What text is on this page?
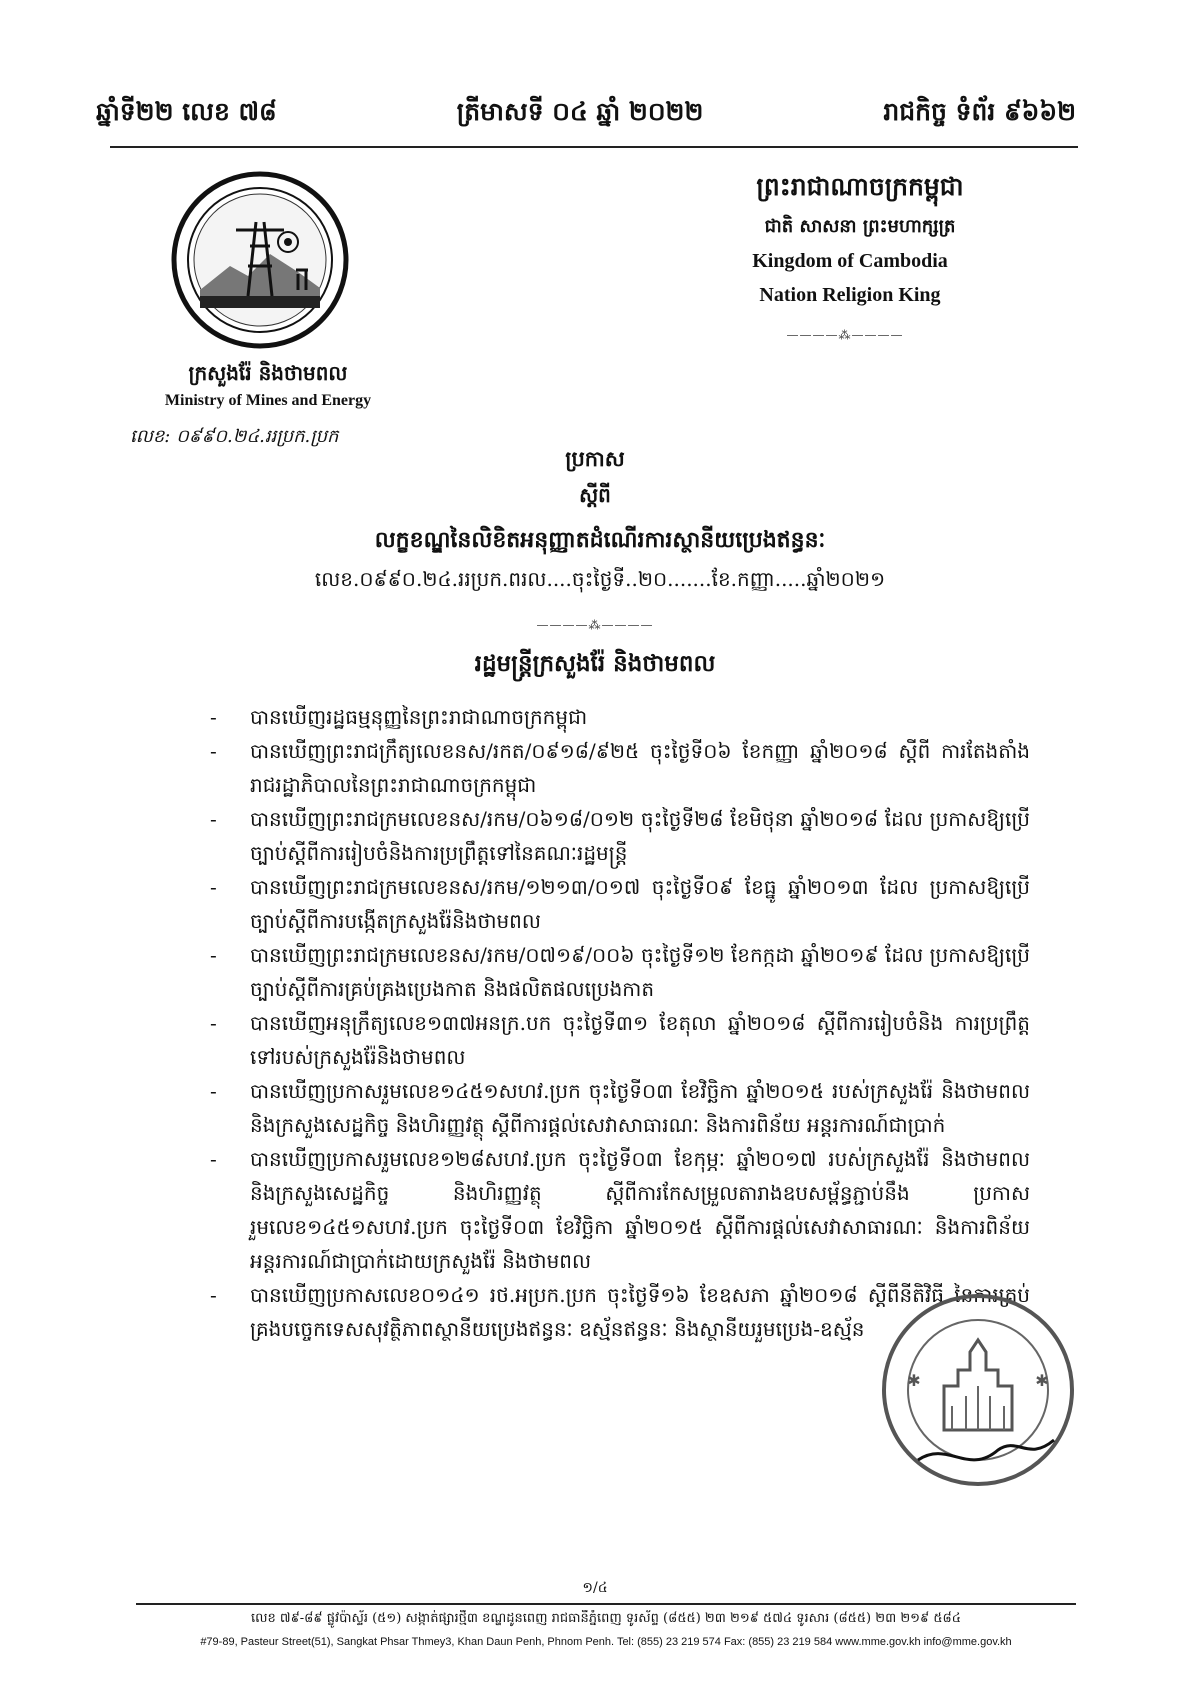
ឆ្នាំទី២២ លេខ ៧៨	ត្រីមាសទី ០៤ ឆ្នាំ ២០២២	រាជកិច្ច ទំព័រ ៩៦៦២
ក្រសួងរ៉ែ និងថាមពល
Ministry of Mines and Energy
លេខ: ០៩៩០.២៤.ររប្រក.ប្រក
ព្រះរាជាណាចក្រកម្ពុជា
ជាតិ សាសនា ព្រះមហាក្សត្រ
Kingdom of Cambodia
Nation Religion King
————⁂————
ប្រកាស
ស្តីពី
លក្ខខណ្ឌនៃលិខិតអនុញ្ញាតដំណើរការស្ថានីយប្រេងឥន្ធនៈ
លេខ.០៩៩០.២៤.ររប្រក.ពរល....ចុះថ្ងៃទី..២០.......ខែ.កញ្ញា.....ឆ្នាំ២០២១
————⁂————
រដ្ឋមន្ត្រីក្រសួងរ៉ែ និងថាមពល
-	បានឃើញរដ្ឋធម្មនុញ្ញនៃព្រះរាជាណាចក្រកម្ពុជា
-	បានឃើញព្រះរាជក្រឹត្យលេខនស/រកត/០៩១៨/៩២៥ ចុះថ្ងៃទី០៦ ខែកញ្ញា ឆ្នាំ២០១៨ ស្តីពី ការតែងតាំងរាជរដ្ឋាភិបាលនៃព្រះរាជាណាចក្រកម្ពុជា
-	បានឃើញព្រះរាជក្រមលេខនស/រកម/០៦១៨/០១២ ចុះថ្ងៃទី២៨ ខែមិថុនា ឆ្នាំ២០១៨ ដែល ប្រកាសឱ្យប្រើច្បាប់ស្តីពីការរៀបចំនិងការប្រព្រឹត្តទៅនៃគណៈរដ្ឋមន្ត្រី
-	បានឃើញព្រះរាជក្រមលេខនស/រកម/១២១៣/០១៧ ចុះថ្ងៃទី០៩ ខែធ្នូ ឆ្នាំ២០១៣ ដែល ប្រកាសឱ្យប្រើច្បាប់ស្តីពីការបង្កើតក្រសួងរ៉ែនិងថាមពល
-	បានឃើញព្រះរាជក្រមលេខនស/រកម/០៧១៩/០០៦ ចុះថ្ងៃទី១២ ខែកក្កដា ឆ្នាំ២០១៩ ដែល ប្រកាសឱ្យប្រើច្បាប់ស្តីពីការគ្រប់គ្រងប្រេងកាត និងផលិតផលប្រេងកាត
-	បានឃើញអនុក្រឹត្យលេខ១៣៧អនក្រ.បក ចុះថ្ងៃទី៣១ ខែតុលា ឆ្នាំ២០១៨ ស្តីពីការរៀបចំនិង ការប្រព្រឹត្តទៅរបស់ក្រសួងរ៉ែនិងថាមពល
-	បានឃើញប្រកាសរួមលេខ១៤៥១សហវ.ប្រក ចុះថ្ងៃទី០៣ ខែវិច្ឆិកា ឆ្នាំ២០១៥ របស់ក្រសួងរ៉ែ និងថាមពល និងក្រសួងសេដ្ឋកិច្ច និងហិរញ្ញវត្ថុ ស្តីពីការផ្តល់សេវាសាធារណៈ និងការពិន័យ អន្តរការណ៍ជាប្រាក់
-	បានឃើញប្រកាសរួមលេខ១២៨សហវ.ប្រក ចុះថ្ងៃទី០៣ ខែកុម្ភៈ ឆ្នាំ២០១៧ របស់ក្រសួងរ៉ែ និងថាមពល និងក្រសួងសេដ្ឋកិច្ច និងហិរញ្ញវត្ថុ ស្តីពីការកែសម្រួលតារាងឧបសម្ព័ន្ធភ្ជាប់នឹង ប្រកាសរួមលេខ១៤៥១សហវ.ប្រក ចុះថ្ងៃទី០៣ ខែវិច្ឆិកា ឆ្នាំ២០១៥ ស្តីពីការផ្តល់សេវាសាធារណៈ និងការពិន័យអន្តរការណ៍ជាប្រាក់ដោយក្រសួងរ៉ែ និងថាមពល
-	បានឃើញប្រកាសលេខ០១៤១ រថ.អប្រក.ប្រក ចុះថ្ងៃទី១៦ ខែឧសភា ឆ្នាំ២០១៨ ស្តីពីនីតិវិធី នៃការគ្រប់គ្រងបច្ចេកទេសសុវត្ថិភាពស្ថានីយប្រេងឥន្ធនៈ ឧស្ម័នឥន្ធនៈ និងស្ថានីយរួមប្រេង-ឧស្ម័ន
✱
✱
១/៤
លេខ ៧៩-៨៩ ផ្លូវប៉ាស្ទ័រ (៥១) សង្កាត់ផ្សារថ្មី៣ ខណ្ឌដូនពេញ រាជធានីភ្នំពេញ ទូរស័ព្ទ (៨៥៥) ២៣ ២១៩ ៥៧៤ ទូរសារ (៨៥៥) ២៣ ២១៩ ៥៨៤
#79-89, Pasteur Street(51), Sangkat Phsar Thmey3, Khan Daun Penh, Phnom Penh. Tel: (855) 23 219 574 Fax: (855) 23 219 584 www.mme.gov.kh info@mme.gov.kh
